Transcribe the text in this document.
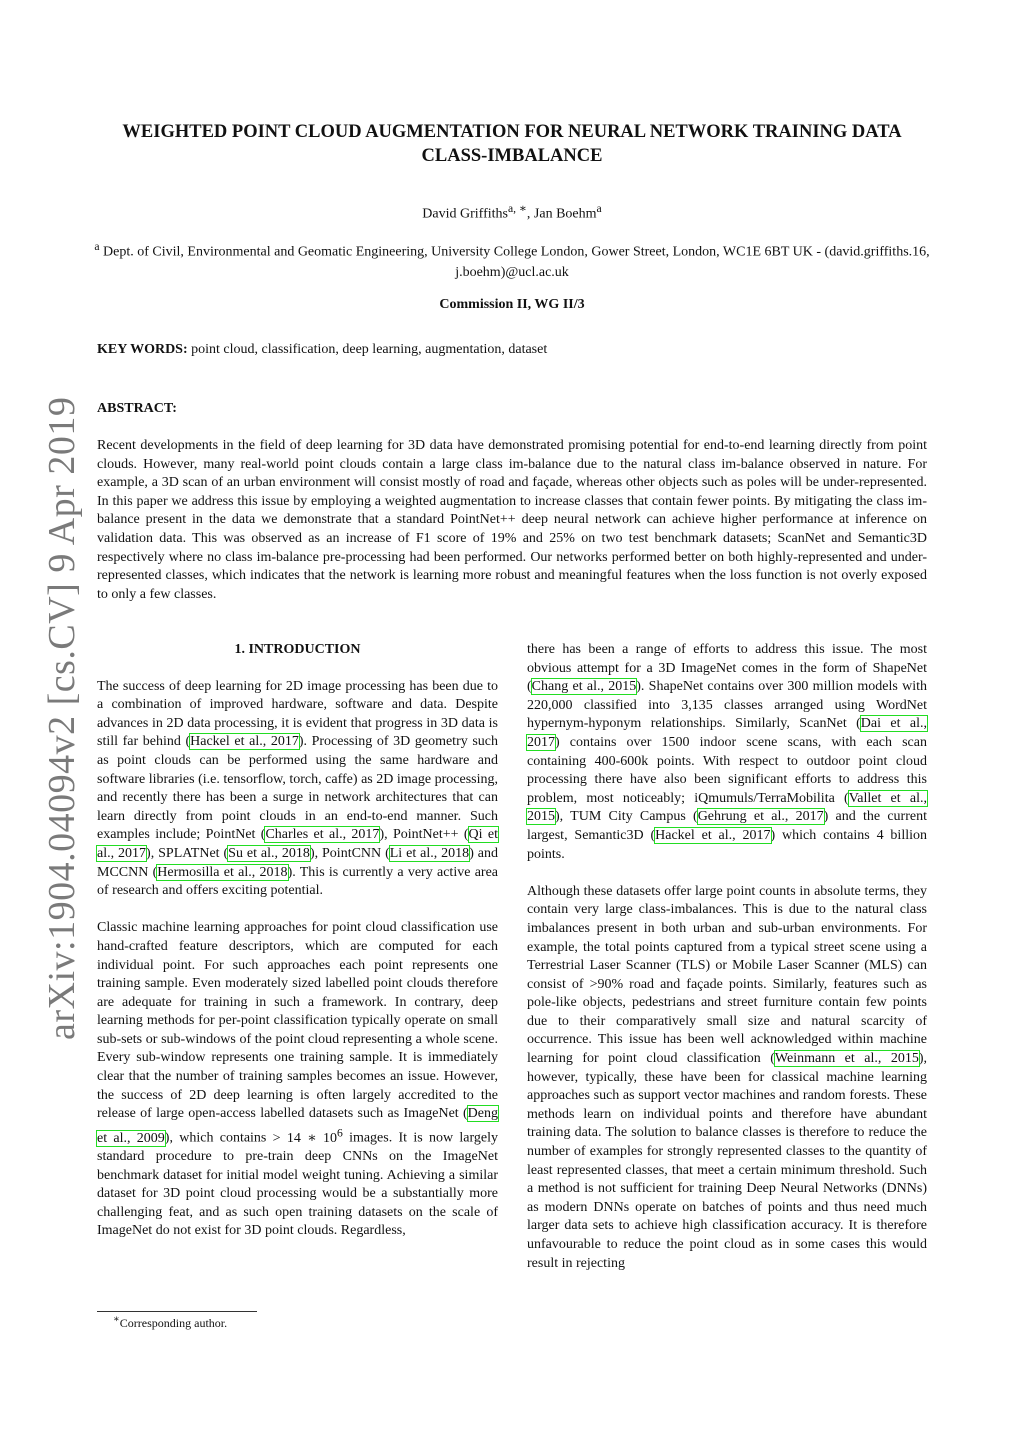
arXiv:1904.04094v2 [cs.CV] 9 Apr 2019
WEIGHTED POINT CLOUD AUGMENTATION FOR NEURAL NETWORK TRAINING DATA CLASS-IMBALANCE
David Griffiths$^{a, ∗}$, Jan Boehm$^a$
$^a$ Dept. of Civil, Environmental and Geomatic Engineering, University College London, Gower Street, London, WC1E 6BT UK - (david.griffiths.16, j.boehm)@ucl.ac.uk
Commission II, WG II/3
KEY WORDS: point cloud, classification, deep learning, augmentation, dataset
ABSTRACT:

Recent developments in the field of deep learning for 3D data have demonstrated promising potential for end-to-end learning directly from point clouds. However, many real-world point clouds contain a large class im-balance due to the natural class im-balance observed in nature. For example, a 3D scan of an urban environment will consist mostly of road and façade, whereas other objects such as poles will be under-represented. In this paper we address this issue by employing a weighted augmentation to increase classes that contain fewer points. By mitigating the class im-balance present in the data we demonstrate that a standard PointNet++ deep neural network can achieve higher performance at inference on validation data. This was observed as an increase of F1 score of 19% and 25% on two test benchmark datasets; ScanNet and Semantic3D respectively where no class im-balance pre-processing had been performed. Our networks performed better on both highly-represented and under-represented classes, which indicates that the network is learning more robust and meaningful features when the loss function is not overly exposed to only a few classes.

1. INTRODUCTION

The success of deep learning for 2D image processing has been due to a combination of improved hardware, software and data. Despite advances in 2D data processing, it is evident that progress in 3D data is still far behind (Hackel et al., 2017). Processing of 3D geometry such as point clouds can be performed using the same hardware and software libraries (i.e. tensorflow, torch, caffe) as 2D image processing, and recently there has been a surge in network architectures that can learn directly from point clouds in an end-to-end manner. Such examples include; PointNet (Charles et al., 2017), PointNet++ (Qi et al., 2017), SPLATNet (Su et al., 2018), PointCNN (Li et al., 2018) and MCCNN (Hermosilla et al., 2018). This is currently a very active area of research and offers exciting potential.

Classic machine learning approaches for point cloud classification use hand-crafted feature descriptors, which are computed for each individual point. For such approaches each point represents one training sample. Even moderately sized labelled point clouds therefore are adequate for training in such a framework. In contrary, deep learning methods for per-point classification typically operate on small sub-sets or sub-windows of the point cloud representing a whole scene. Every sub-window represents one training sample. It is immediately clear that the number of training samples becomes an issue. However, the success of 2D deep learning is often largely accredited to the release of large open-access labelled datasets such as ImageNet (Deng et al., 2009), which contains > 14 ∗ $10^6$ images. It is now largely standard procedure to pre-train deep CNNs on the ImageNet benchmark dataset for initial model weight tuning. Achieving a similar dataset for 3D point cloud processing would be a substantially more challenging feat, and as such open training datasets on the scale of ImageNet do not exist for 3D point clouds. Regardless,

there has been a range of efforts to address this issue. The most obvious attempt for a 3D ImageNet comes in the form of ShapeNet (Chang et al., 2015). ShapeNet contains over 300 million models with 220,000 classified into 3,135 classes arranged using WordNet hypernym-hyponym relationships. Similarly, ScanNet (Dai et al., 2017) contains over 1500 indoor scene scans, with each scan containing 400-600k points. With respect to outdoor point cloud processing there have also been significant efforts to address this problem, most noticeably; iQmumuls/TerraMobilita (Vallet et al., 2015), TUM City Campus (Gehrung et al., 2017) and the current largest, Semantic3D (Hackel et al., 2017) which contains 4 billion points.

Although these datasets offer large point counts in absolute terms, they contain very large class-imbalances. This is due to the natural class imbalances present in both urban and sub-urban environments. For example, the total points captured from a typical street scene using a Terrestrial Laser Scanner (TLS) or Mobile Laser Scanner (MLS) can consist of >90% road and façade points. Similarly, features such as pole-like objects, pedestrians and street furniture contain few points due to their comparatively small size and natural scarcity of occurrence. This issue has been well acknowledged within machine learning for point cloud classification (Weinmann et al., 2015), however, typically, these have been for classical machine learning approaches such as support vector machines and random forests. These methods learn on individual points and therefore have abundant training data. The solution to balance classes is therefore to reduce the number of examples for strongly represented classes to the quantity of least represented classes, that meet a certain minimum threshold. Such a method is not sufficient for training Deep Neural Networks (DNNs) as modern DNNs operate on batches of points and thus need much larger data sets to achieve high classification accuracy. It is therefore unfavourable to reduce the point cloud as in some cases this would result in rejecting

∗Corresponding author.
